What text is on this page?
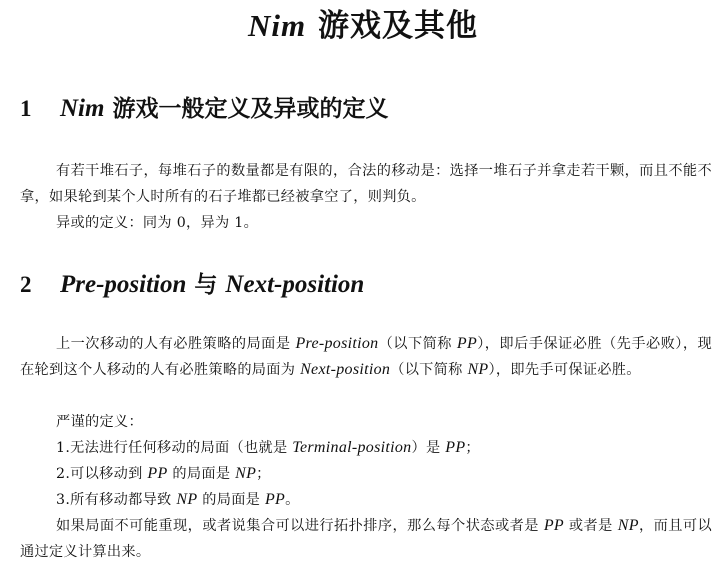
Nim 游戏及其他
1 Nim 游戏一般定义及异或的定义
有若干堆石子，每堆石子的数量都是有限的，合法的移动是：选择一堆石子并拿走若干颗，而且不能不拿，如果轮到某个人时所有的石子堆都已经被拿空了，则判负。
异或的定义：同为 0，异为 1。
2 Pre-position 与 Next-position
上一次移动的人有必胜策略的局面是 Pre-position（以下简称 PP），即后手保证必胜（先手必败），现在轮到这个人移动的人有必胜策略的局面为 Next-position（以下简称 NP），即先手可保证必胜。
严谨的定义：
1.无法进行任何移动的局面（也就是 Terminal-position）是 PP；
2.可以移动到 PP 的局面是 NP；
3.所有移动都导致 NP 的局面是 PP。
如果局面不可能重现，或者说集合可以进行拓扑排序，那么每个状态或者是 PP 或者是 NP，而且可以通过定义计算出来。
